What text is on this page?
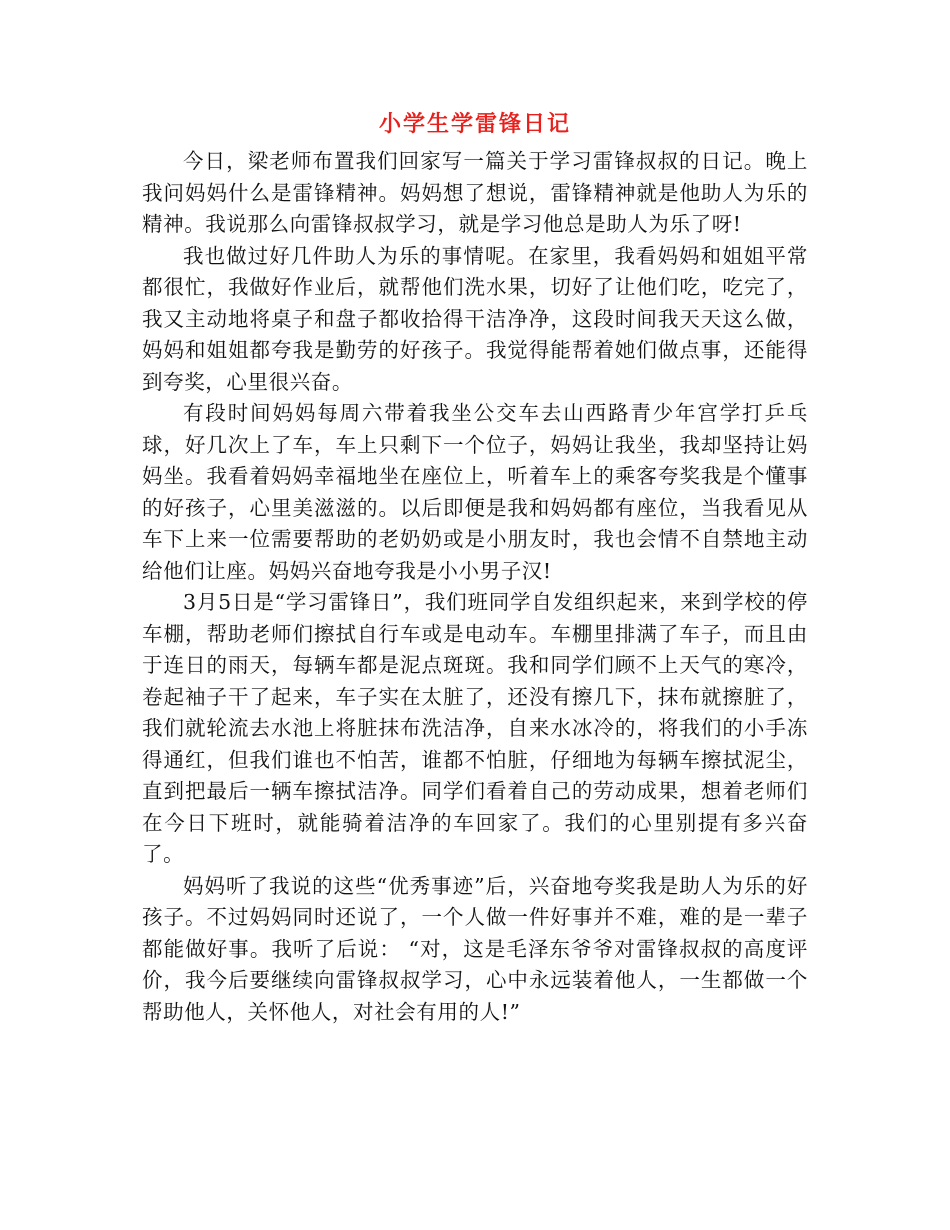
小学生学雷锋日记

今日，梁老师布置我们回家写一篇关于学习雷锋叔叔的日记。晚上我问妈妈什么是雷锋精神。妈妈想了想说，雷锋精神就是他助人为乐的精神。我说那么向雷锋叔叔学习，就是学习他总是助人为乐了呀!

我也做过好几件助人为乐的事情呢。在家里，我看妈妈和姐姐平常都很忙，我做好作业后，就帮他们洗水果，切好了让他们吃，吃完了，我又主动地将桌子和盘子都收拾得干洁净净，这段时间我天天这么做，妈妈和姐姐都夸我是勤劳的好孩子。我觉得能帮着她们做点事，还能得到夸奖，心里很兴奋。

有段时间妈妈每周六带着我坐公交车去山西路青少年宫学打乒乓球，好几次上了车，车上只剩下一个位子，妈妈让我坐，我却坚持让妈妈坐。我看着妈妈幸福地坐在座位上，听着车上的乘客夸奖我是个懂事的好孩子，心里美滋滋的。以后即便是我和妈妈都有座位，当我看见从车下上来一位需要帮助的老奶奶或是小朋友时，我也会情不自禁地主动给他们让座。妈妈兴奋地夸我是小小男子汉!

3月5日是“学习雷锋日”，我们班同学自发组织起来，来到学校的停车棚，帮助老师们擦拭自行车或是电动车。车棚里排满了车子，而且由于连日的雨天，每辆车都是泥点斑斑。我和同学们顾不上天气的寒冷，卷起袖子干了起来，车子实在太脏了，还没有擦几下，抹布就擦脏了，我们就轮流去水池上将脏抹布洗洁净，自来水冰冷的，将我们的小手冻得通红，但我们谁也不怕苦，谁都不怕脏，仔细地为每辆车擦拭泥尘，直到把最后一辆车擦拭洁净。同学们看着自己的劳动成果，想着老师们在今日下班时，就能骑着洁净的车回家了。我们的心里别提有多兴奋了。

妈妈听了我说的这些“优秀事迹”后，兴奋地夸奖我是助人为乐的好孩子。不过妈妈同时还说了，一个人做一件好事并不难，难的是一辈子都能做好事。我听了后说： “对，这是毛泽东爷爷对雷锋叔叔的高度评价，我今后要继续向雷锋叔叔学习，心中永远装着他人，一生都做一个帮助他人，关怀他人，对社会有用的人!”
